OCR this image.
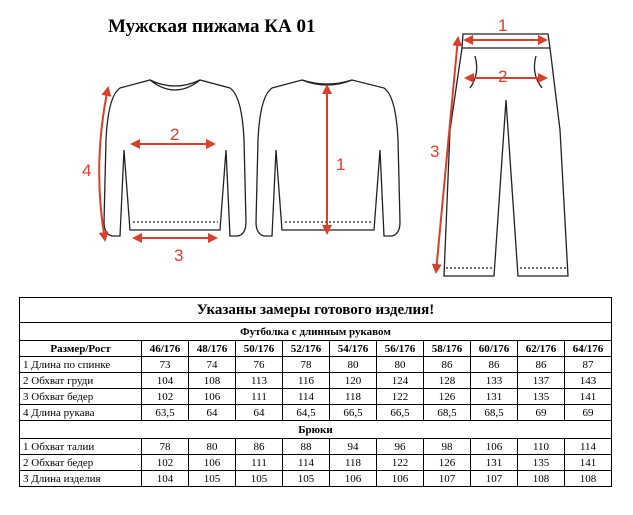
Мужская пижама КА 01
2
3
4	1
1
2
3
Указаны замеры готового изделия!										
Футболка с длинным рукавом										
Размер/Рост	46/176	48/176	50/176	52/176	54/176	56/176	58/176	60/176	62/176	64/176
1 Длина по спинке	73	74	76	78	80	80	86	86	86	87
2 Обхват груди	104	108	113	116	120	124	128	133	137	143
3 Обхват бедер	102	106	111	114	118	122	126	131	135	141
4 Длина рукава	63,5	64	64	64,5	66,5	66,5	68,5	68,5	69	69
Брюки										
1 Обхват талии	78	80	86	88	94	96	98	106	110	114
2 Обхват бедер	102	106	111	114	118	122	126	131	135	141
3 Длина изделия	104	105	105	105	106	106	107	107	108	108
